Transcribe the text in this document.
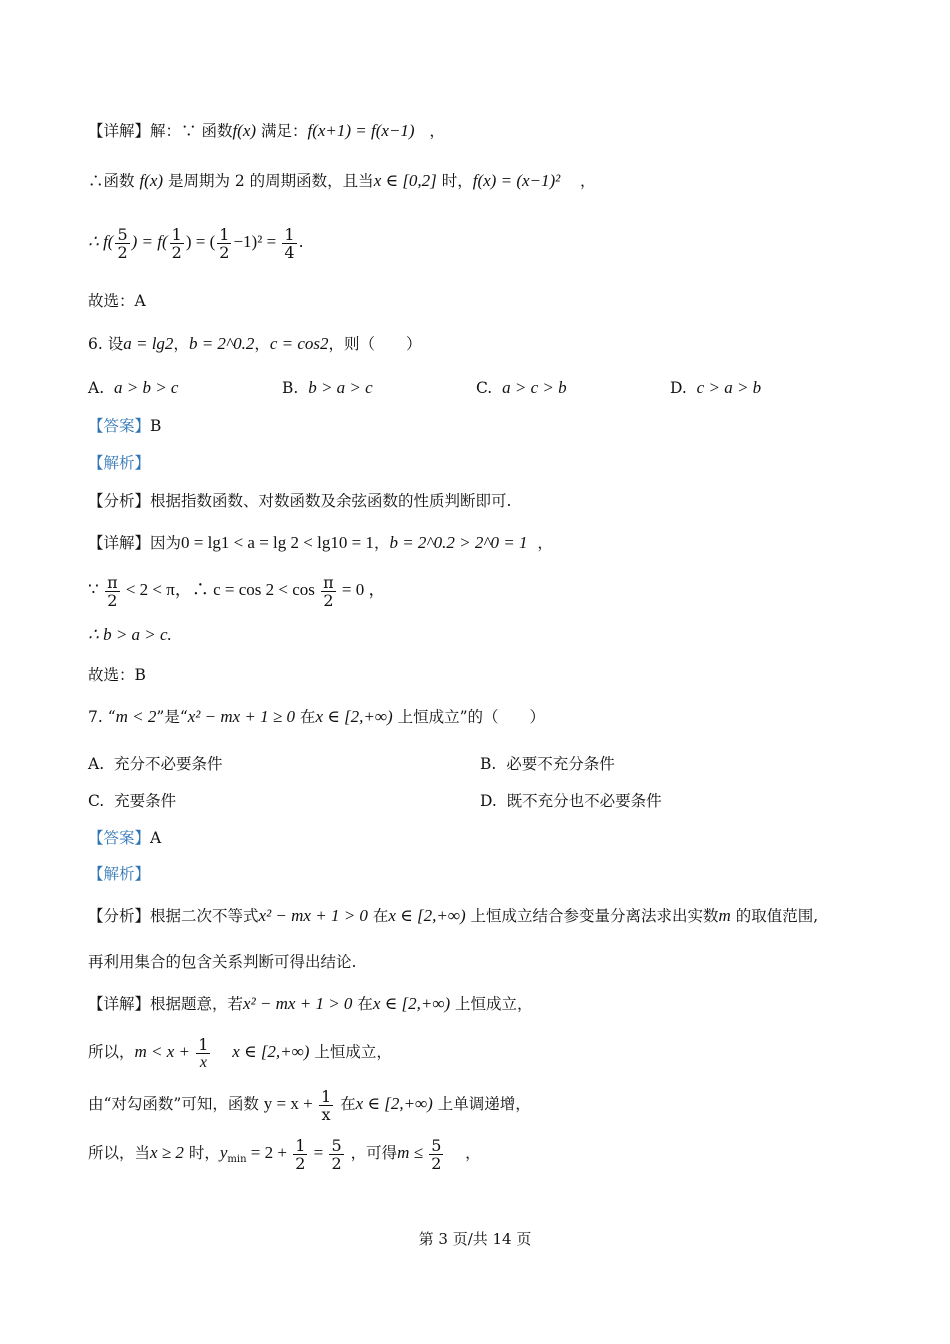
【详解】解：∵ 函数f(x) 满足：f(x+1) = f(x−1) ，
∴函数 f(x) 是周期为 2 的周期函数，且当x ∈ [0,2] 时，f(x) = (x−1)² ，
∴ $f( \frac{5}{2}$ ) = $f( \frac{1}{2}$ ) = ( $\frac{1}{2} -1)^2 = \frac{1}{4}$ .
故选：A
6. 设a = lg2，b = 2^0.2，c = cos2，则（　　）
A. a > b > c	B. b > a > c	C. a > c > b	D. c > a > b
【答案】B
【解析】
【分析】根据指数函数、对数函数及余弦函数的性质判断即可.
【详解】因为0 = lg1 < a = lg 2 < lg10 = 1，b = 2^0.2 > 2^0 = 1 ，
∵ $\frac{\pi}{2} < 2 < \pi$，∴ $c = \cos 2 < \cos \frac{\pi}{2} = 0$ ，
∴ b > a > c.
故选：B
7. “m < 2”是“x² − mx + 1 ≥ 0 在x ∈ [2,+∞) 上恒成立”的（　　）
A. 充分不必要条件	B. 必要不充分条件
C. 充要条件	D. 既不充分也不必要条件
【答案】A
【解析】
【分析】根据二次不等式x² − mx + 1 > 0 在x ∈ [2,+∞) 上恒成立结合参变量分离法求出实数m 的取值范围,
再利用集合的包含关系判断可得出结论.
【详解】根据题意，若x² − mx + 1 > 0 在x ∈ [2,+∞) 上恒成立，
所以，$m < x + \frac{1}{x}$ x ∈ [2,+∞) 上恒成立，
由“对勾函数”可知，函数 $y = x + \frac{1}{x}$ 在x ∈ [2,+∞) 上单调递增，
所以，当x ≥ 2 时，$y_{min} = 2 + \frac{1}{2} = \frac{5}{2}$ ，可得$m \le \frac{5}{2}$ ，
第 3 页/共 14 页
